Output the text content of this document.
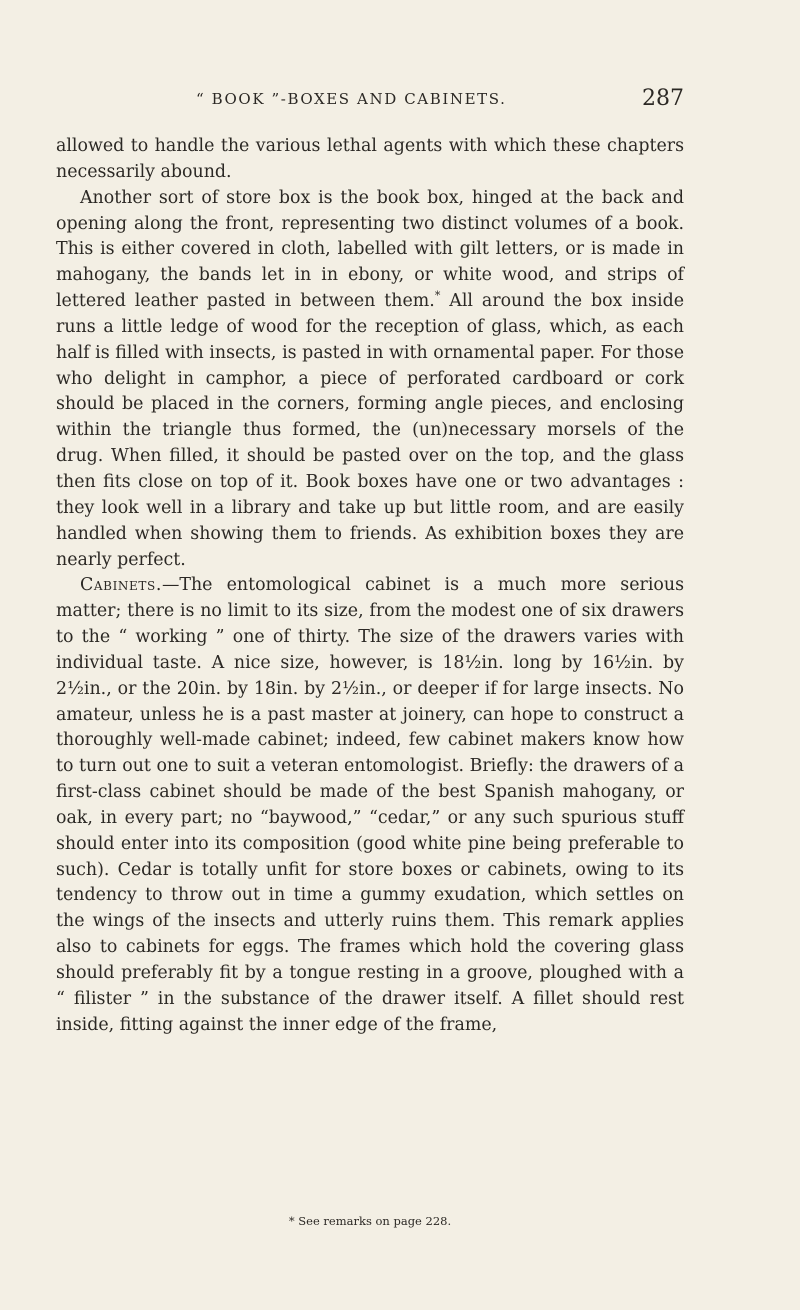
“ BOOK ”-BOXES AND CABINETS.	287

allowed to handle the various lethal agents with which these chapters necessarily abound.

Another sort of store box is the book box, hinged at the back and opening along the front, representing two distinct volumes of a book. This is either covered in cloth, labelled with gilt letters, or is made in mahogany, the bands let in in ebony, or white wood, and strips of lettered leather pasted in between them.* All around the box inside runs a little ledge of wood for the reception of glass, which, as each half is filled with insects, is pasted in with ornamental paper. For those who delight in camphor, a piece of perforated cardboard or cork should be placed in the corners, forming angle pieces, and enclosing within the triangle thus formed, the (un)necessary morsels of the drug. When filled, it should be pasted over on the top, and the glass then fits close on top of it. Book boxes have one or two advantages : they look well in a library and take up but little room, and are easily handled when showing them to friends. As exhibition boxes they are nearly perfect.

Cabinets.—The entomological cabinet is a much more serious matter; there is no limit to its size, from the modest one of six drawers to the “ working ” one of thirty. The size of the drawers varies with individual taste. A nice size, however, is 18½in. long by 16½in. by 2½in., or the 20in. by 18in. by 2½in., or deeper if for large insects. No amateur, unless he is a past master at joinery, can hope to construct a thoroughly well-made cabinet; indeed, few cabinet makers know how to turn out one to suit a veteran entomologist. Briefly: the drawers of a first-class cabinet should be made of the best Spanish mahogany, or oak, in every part; no “baywood,” “cedar,” or any such spurious stuff should enter into its composition (good white pine being preferable to such). Cedar is totally unfit for store boxes or cabinets, owing to its tendency to throw out in time a gummy exudation, which settles on the wings of the insects and utterly ruins them. This remark applies also to cabinets for eggs. The frames which hold the covering glass should preferably fit by a tongue resting in a groove, ploughed with a “ filister ” in the substance of the drawer itself. A fillet should rest inside, fitting against the inner edge of the frame,

* See remarks on page 228.
